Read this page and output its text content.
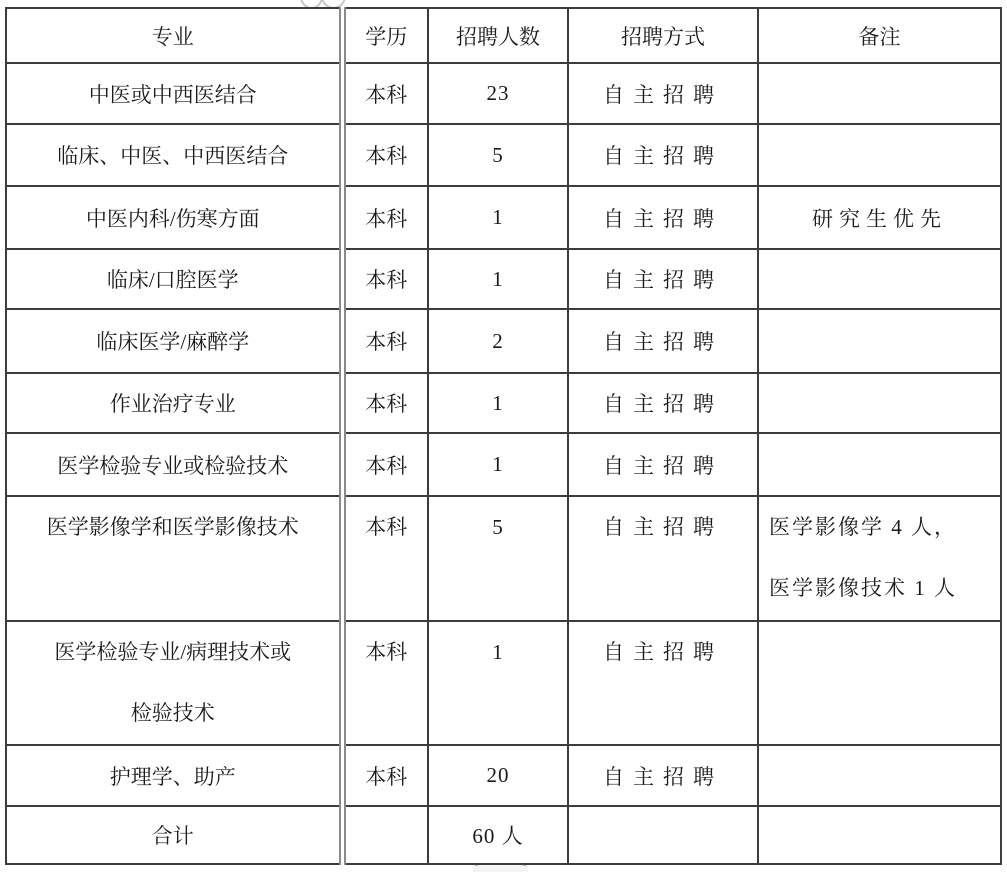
专业	学历	招聘人数	招聘方式	备注
中医或中西医结合	本科	23	自主招聘	
临床、中医、中西医结合	本科	5	自主招聘	
中医内科/伤寒方面	本科	1	自主招聘	研究生优先
临床/口腔医学	本科	1	自主招聘	
临床医学/麻醉学	本科	2	自主招聘	
作业治疗专业	本科	1	自主招聘	
医学检验专业或检验技术	本科	1	自主招聘	

医学影像学和医学影像技术	本科	5	自主招聘	医学影像学 4 人，
医学影像技术 1 人

医学检验专业/病理技术或
检验技术	本科	1	自主招聘	

护理学、助产	本科	20	自主招聘	
合计		60 人		
